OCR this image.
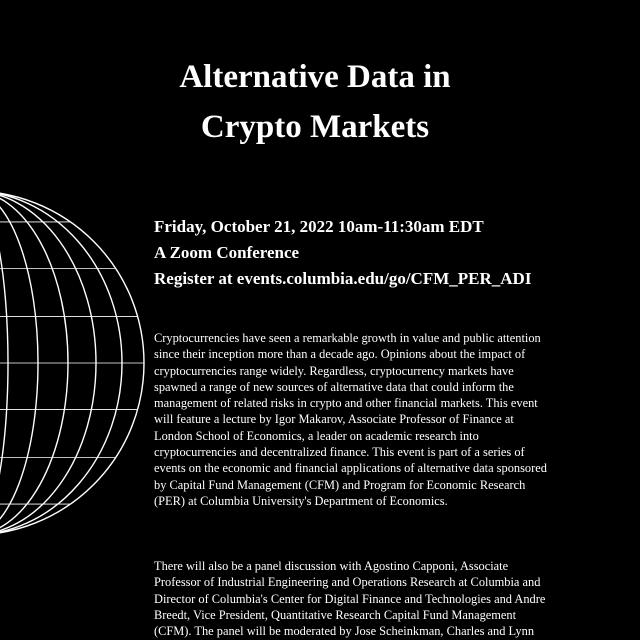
Alternative Data in
Crypto Markets
Friday, October 21, 2022 10am-11:30am EDT
A Zoom Conference
Register at events.columbia.edu/go/CFM_PER_ADI

Cryptocurrencies have seen a remarkable growth in value and public attention
since their inception more than a decade ago. Opinions about the impact of
cryptocurrencies range widely. Regardless, cryptocurrency markets have
spawned a range of new sources of alternative data that could inform the
management of related risks in crypto and other financial markets. This event
will feature a lecture by Igor Makarov, Associate Professor of Finance at
London School of Economics, a leader on academic research into
cryptocurrencies and decentralized finance. This event is part of a series of
events on the economic and financial applications of alternative data sponsored
by Capital Fund Management (CFM) and Program for Economic Research
(PER) at Columbia University's Department of Economics.

There will also be a panel discussion with Agostino Capponi, Associate
Professor of Industrial Engineering and Operations Research at Columbia and
Director of Columbia's Center for Digital Finance and Technologies and Andre
Breedt, Vice President, Quantitative Research Capital Fund Management
(CFM). The panel will be moderated by Jose Scheinkman, Charles and Lynn
